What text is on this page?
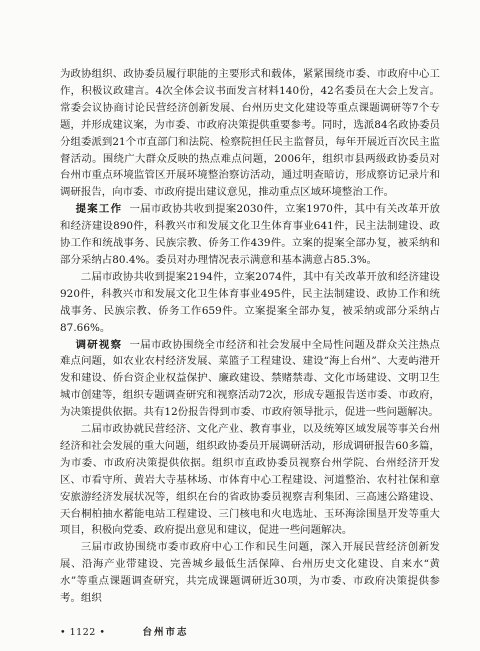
为政协组织、政协委员履行职能的主要形式和载体，紧紧围绕市委、市政府中心工作，积极议政建言。4次全体会议书面发言材料140份，42名委员在大会上发言。常委会议协商讨论民营经济创新发展、台州历史文化建设等重点课题调研等7个专题，并形成建议案，为市委、市政府决策提供重要参考。同时，选派84名政协委员分组委派到21个市直部门和法院、检察院担任民主监督员，每年开展近百次民主监督活动。围绕广大群众反映的热点难点问题，2006年，组织市县两级政协委员对台州市重点环境监管区开展环境整治察访活动，通过明查暗访，形成察访记录片和调研报告，向市委、市政府提出建议意见，推动重点区域环境整治工作。

提案工作 一届市政协共收到提案2030件，立案1970件，其中有关改革开放和经济建设890件，科教兴市和发展文化卫生体育事业641件，民主法制建设、政协工作和统战事务、民族宗教、侨务工作439件。立案的提案全部办复，被采纳和部分采纳占80.4%。委员对办理情况表示满意和基本满意占85.3%。

二届市政协共收到提案2194件，立案2074件，其中有关改革开放和经济建设920件，科教兴市和发展文化卫生体育事业495件，民主法制建设、政协工作和统战事务、民族宗教、侨务工作659件。立案提案全部办复，被采纳或部分采纳占87.66%。

调研视察 一届市政协围绕全市经济和社会发展中全局性问题及群众关注热点难点问题，如农业农村经济发展、菜篮子工程建设、建设“海上台州”、大麦屿港开发和建设、侨台资企业权益保护、廉政建设、禁赌禁毒、文化市场建设、文明卫生城市创建等，组织专题调查研究和视察活动72次，形成专题报告送市委、市政府，为决策提供依据。共有12份报告得到市委、市政府领导批示，促进一些问题解决。

二届市政协就民营经济、文化产业、教育事业，以及统筹区域发展等事关台州经济和社会发展的重大问题，组织政协委员开展调研活动，形成调研报告60多篇，为市委、市政府决策提供依据。组织市直政协委员视察台州学院、台州经济开发区、市看守所、黄岩大寺基林场、市体育中心工程建设、河道整治、农村社保和章安旅游经济发展状况等，组织在台的省政协委员视察吉利集团、三高速公路建设、天台桐柏抽水蓄能电站工程建设、三门核电和火电选址、玉环海涂围垦开发等重大项目，积极向党委、政府提出意见和建议，促进一些问题解决。

三届市政协围绕市委市政府中心工作和民生问题，深入开展民营经济创新发展、沿海产业带建设、完善城乡最低生活保障、台州历史文化建设、自来水“黄水”等重点课题调查研究，共完成课题调研近30项，为市委、市政府决策提供参考。组织

• 1122 •	台州市志
